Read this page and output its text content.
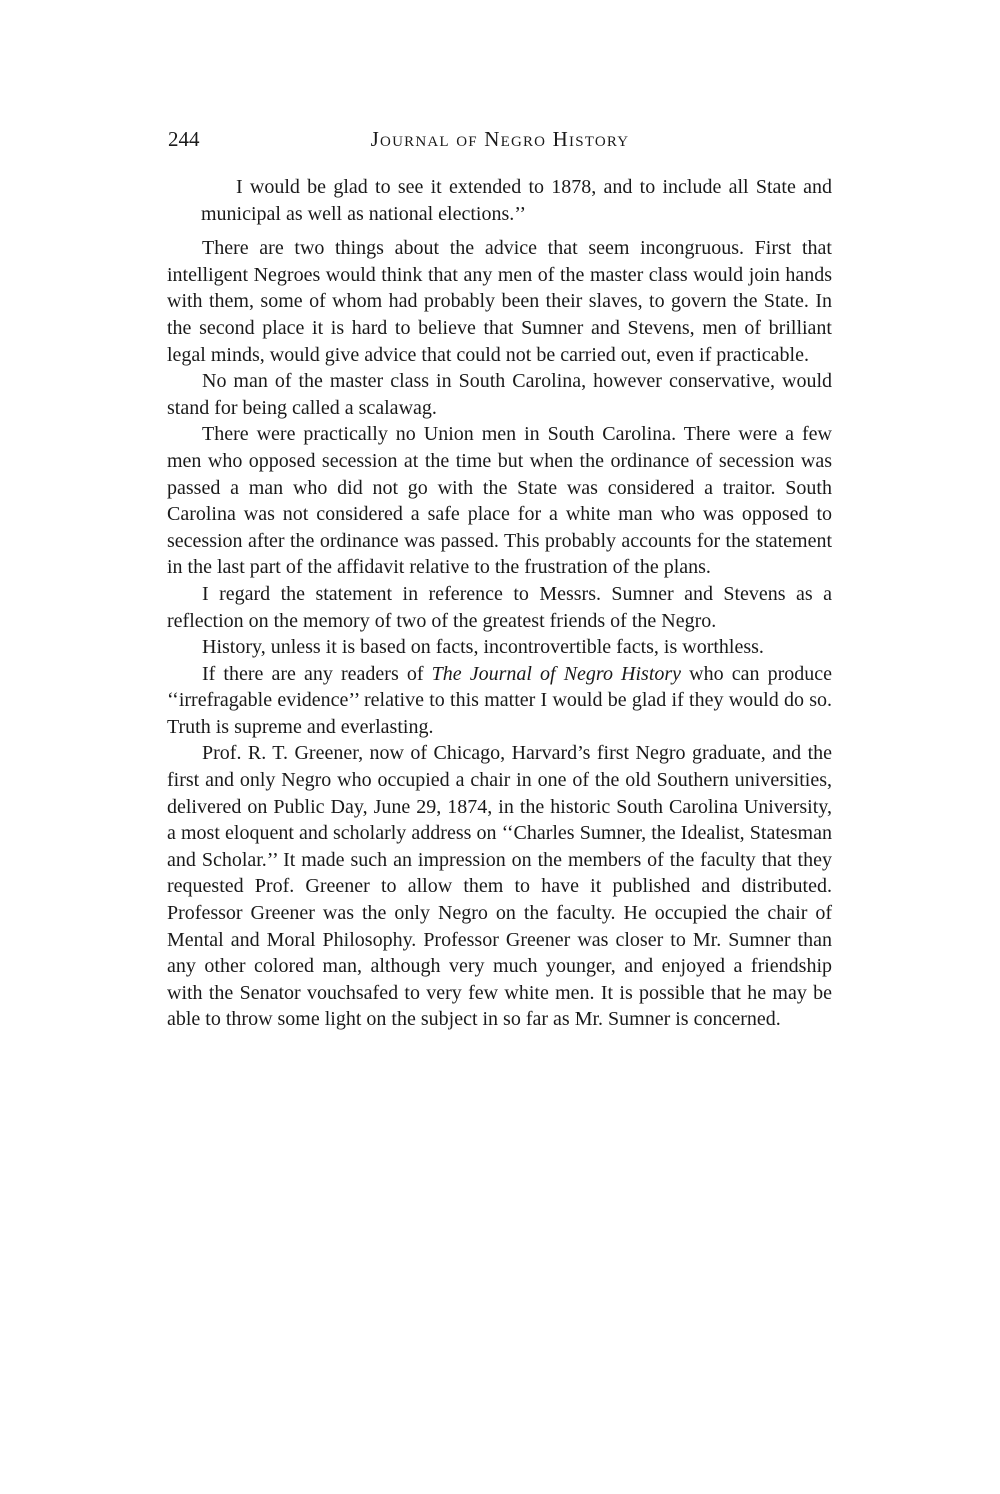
244	Journal of Negro History

I would be glad to see it extended to 1878, and to include all State and municipal as well as national elections.’’

There are two things about the advice that seem incongruous. First that intelligent Negroes would think that any men of the master class would join hands with them, some of whom had probably been their slaves, to govern the State. In the second place it is hard to believe that Sumner and Stevens, men of brilliant legal minds, would give advice that could not be carried out, even if practicable.

No man of the master class in South Carolina, however conservative, would stand for being called a scalawag.

There were practically no Union men in South Carolina. There were a few men who opposed secession at the time but when the ordinance of secession was passed a man who did not go with the State was considered a traitor. South Carolina was not considered a safe place for a white man who was opposed to secession after the ordinance was passed. This probably accounts for the statement in the last part of the affidavit relative to the frustration of the plans.

I regard the statement in reference to Messrs. Sumner and Stevens as a reflection on the memory of two of the greatest friends of the Negro.

History, unless it is based on facts, incontrovertible facts, is worthless.

If there are any readers of The Journal of Negro History who can produce ‘‘irrefragable evidence’’ relative to this matter I would be glad if they would do so. Truth is supreme and everlasting.

Prof. R. T. Greener, now of Chicago, Harvard’s first Negro graduate, and the first and only Negro who occupied a chair in one of the old Southern universities, delivered on Public Day, June 29, 1874, in the historic South Carolina University, a most eloquent and scholarly address on ‘‘Charles Sumner, the Idealist, Statesman and Scholar.’’ It made such an impression on the members of the faculty that they requested Prof. Greener to allow them to have it published and distributed. Professor Greener was the only Negro on the faculty. He occupied the chair of Mental and Moral Philosophy. Professor Greener was closer to Mr. Sumner than any other colored man, although very much younger, and enjoyed a friendship with the Senator vouchsafed to very few white men. It is possible that he may be able to throw some light on the subject in so far as Mr. Sumner is concerned.
